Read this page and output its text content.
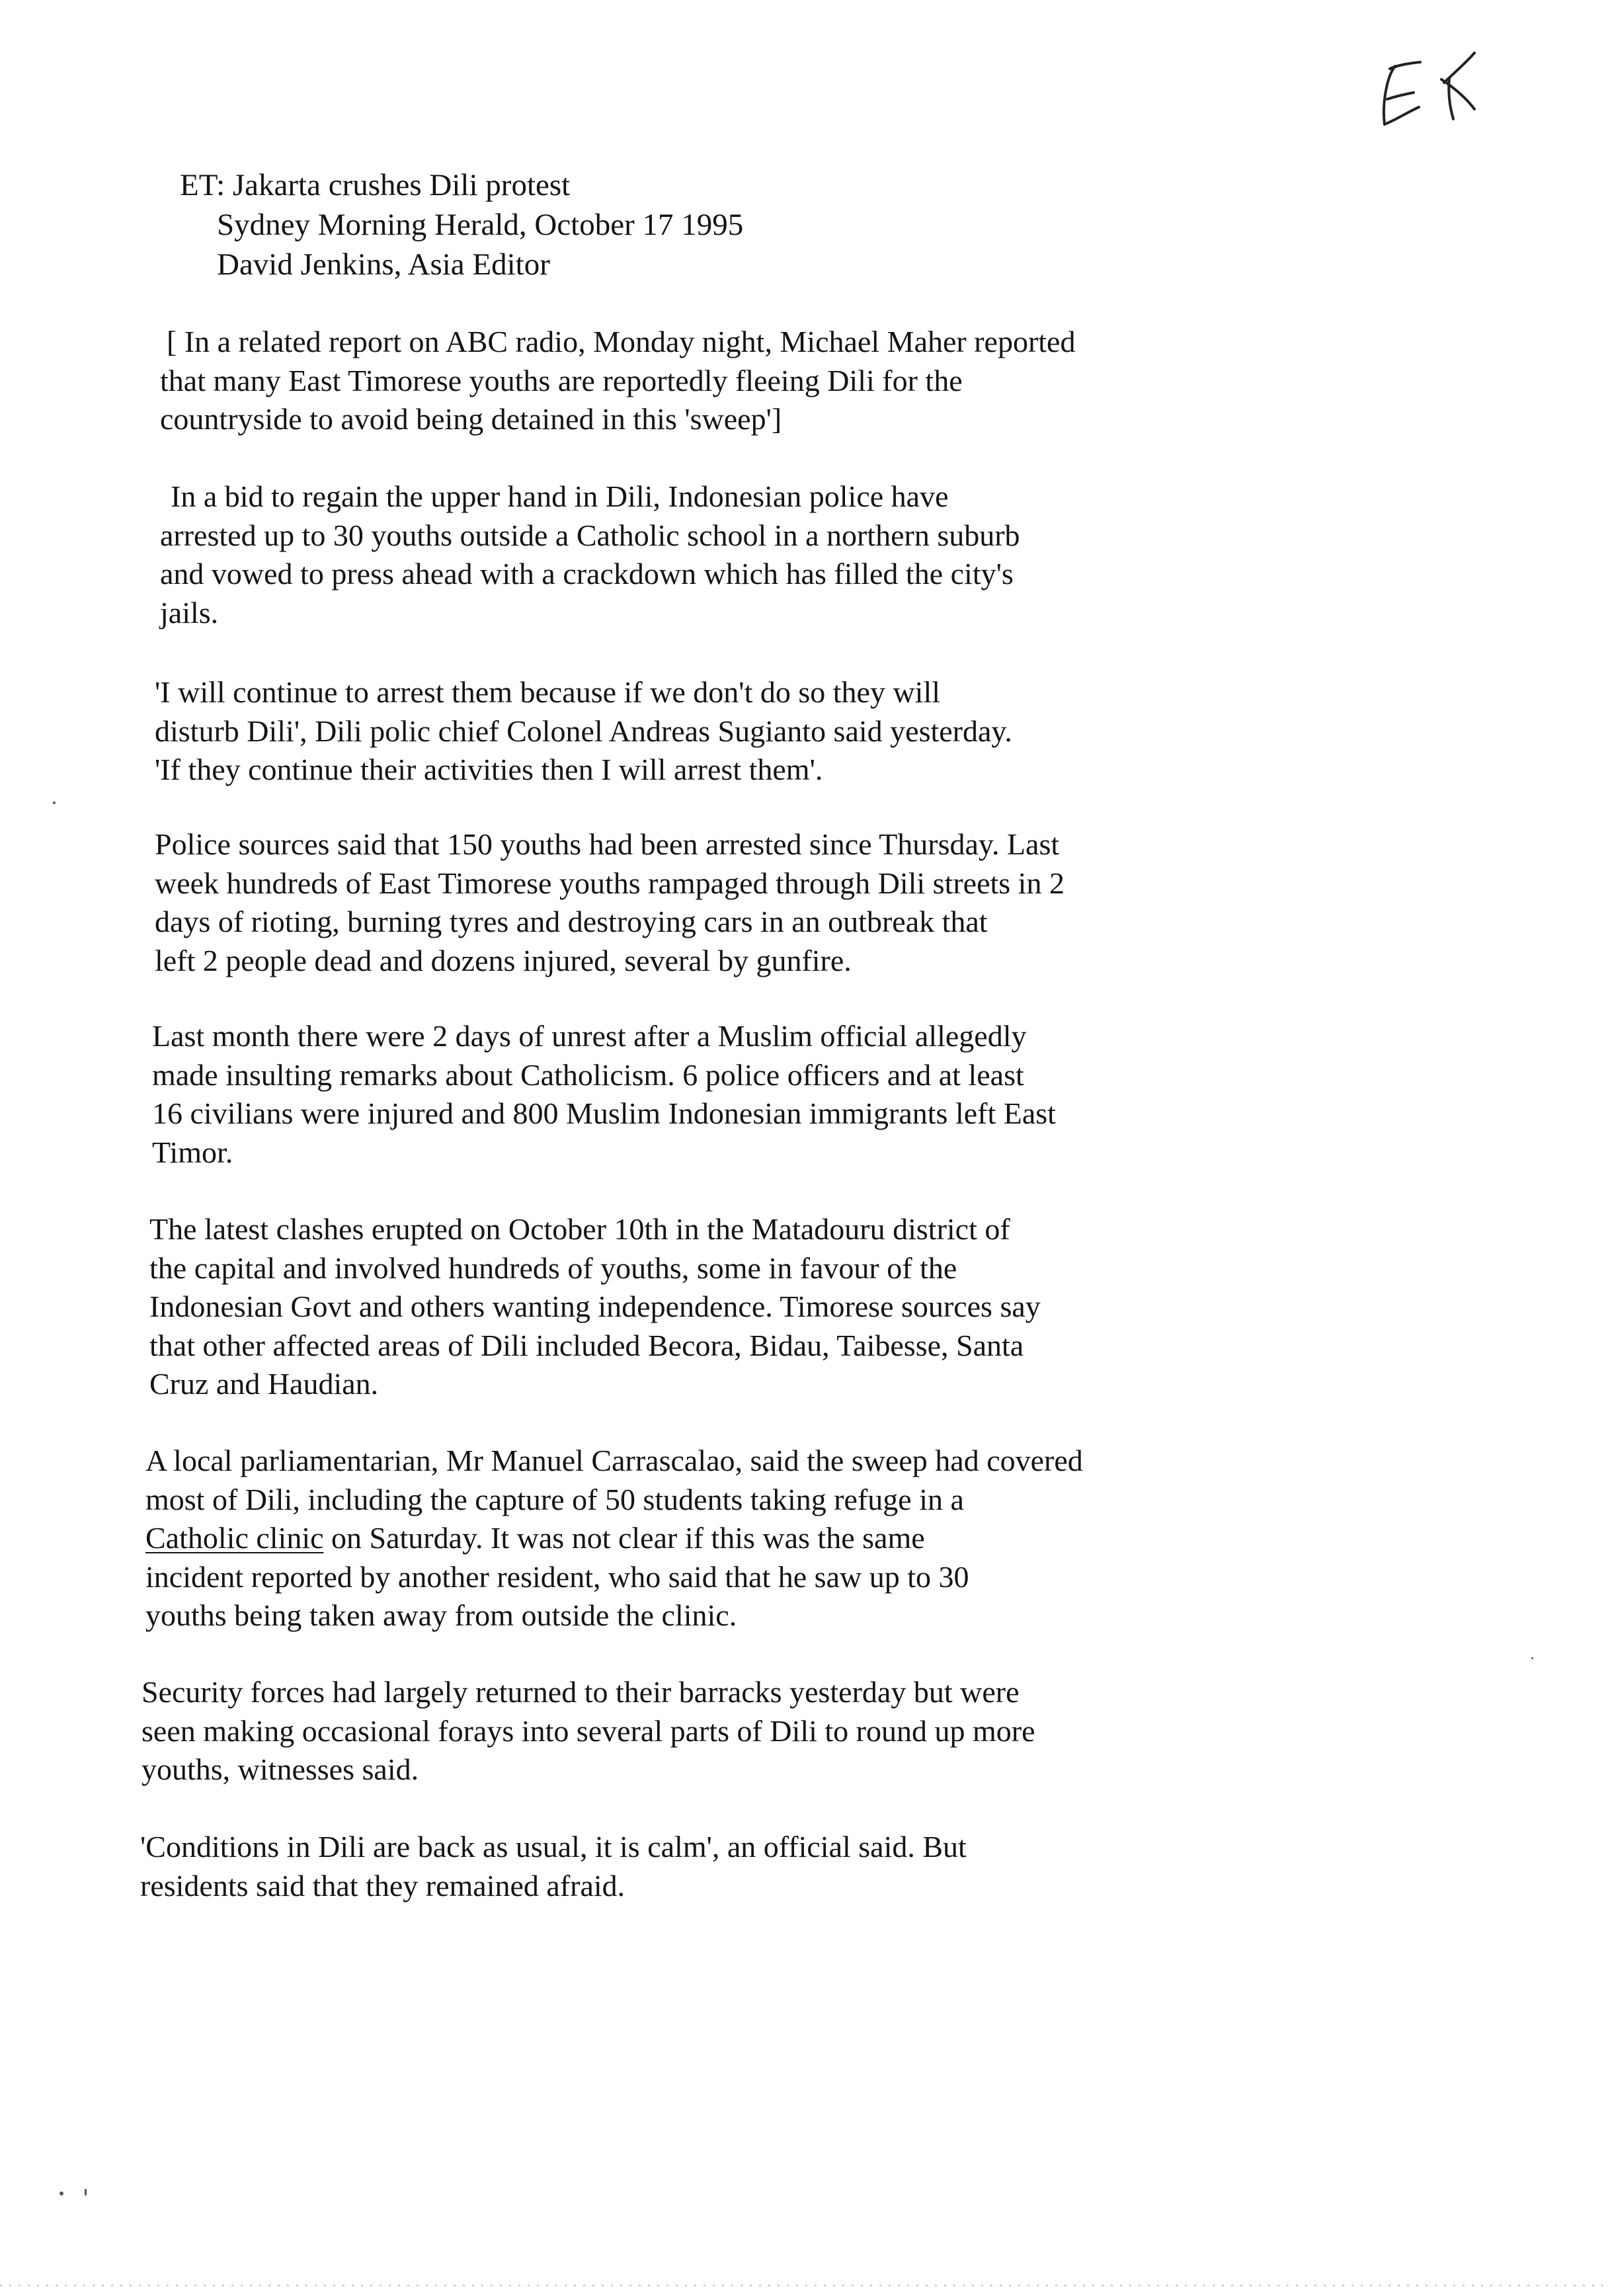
ET: Jakarta crushes Dili protest
Sydney Morning Herald, October 17 1995
David Jenkins, Asia Editor
[ In a related report on ABC radio, Monday night, Michael Maher reported
that many East Timorese youths are reportedly fleeing Dili for the
countryside to avoid being detained in this 'sweep']
In a bid to regain the upper hand in Dili, Indonesian police have
arrested up to 30 youths outside a Catholic school in a northern suburb
and vowed to press ahead with a crackdown which has filled the city's
jails.
'I will continue to arrest them because if we don't do so they will
disturb Dili', Dili polic chief Colonel Andreas Sugianto said yesterday.
'If they continue their activities then I will arrest them'.
Police sources said that 150 youths had been arrested since Thursday. Last
week hundreds of East Timorese youths rampaged through Dili streets in 2
days of rioting, burning tyres and destroying cars in an outbreak that
left 2 people dead and dozens injured, several by gunfire.
Last month there were 2 days of unrest after a Muslim official allegedly
made insulting remarks about Catholicism. 6 police officers and at least
16 civilians were injured and 800 Muslim Indonesian immigrants left East
Timor.
The latest clashes erupted on October 10th in the Matadouru district of
the capital and involved hundreds of youths, some in favour of the
Indonesian Govt and others wanting independence. Timorese sources say
that other affected areas of Dili included Becora, Bidau, Taibesse, Santa
Cruz and Haudian.
A local parliamentarian, Mr Manuel Carrascalao, said the sweep had covered
most of Dili, including the capture of 50 students taking refuge in a
Catholic clinic on Saturday. It was not clear if this was the same
incident reported by another resident, who said that he saw up to 30
youths being taken away from outside the clinic.
Security forces had largely returned to their barracks yesterday but were
seen making occasional forays into several parts of Dili to round up more
youths, witnesses said.
'Conditions in Dili are back as usual, it is calm', an official said. But
residents said that they remained afraid.
